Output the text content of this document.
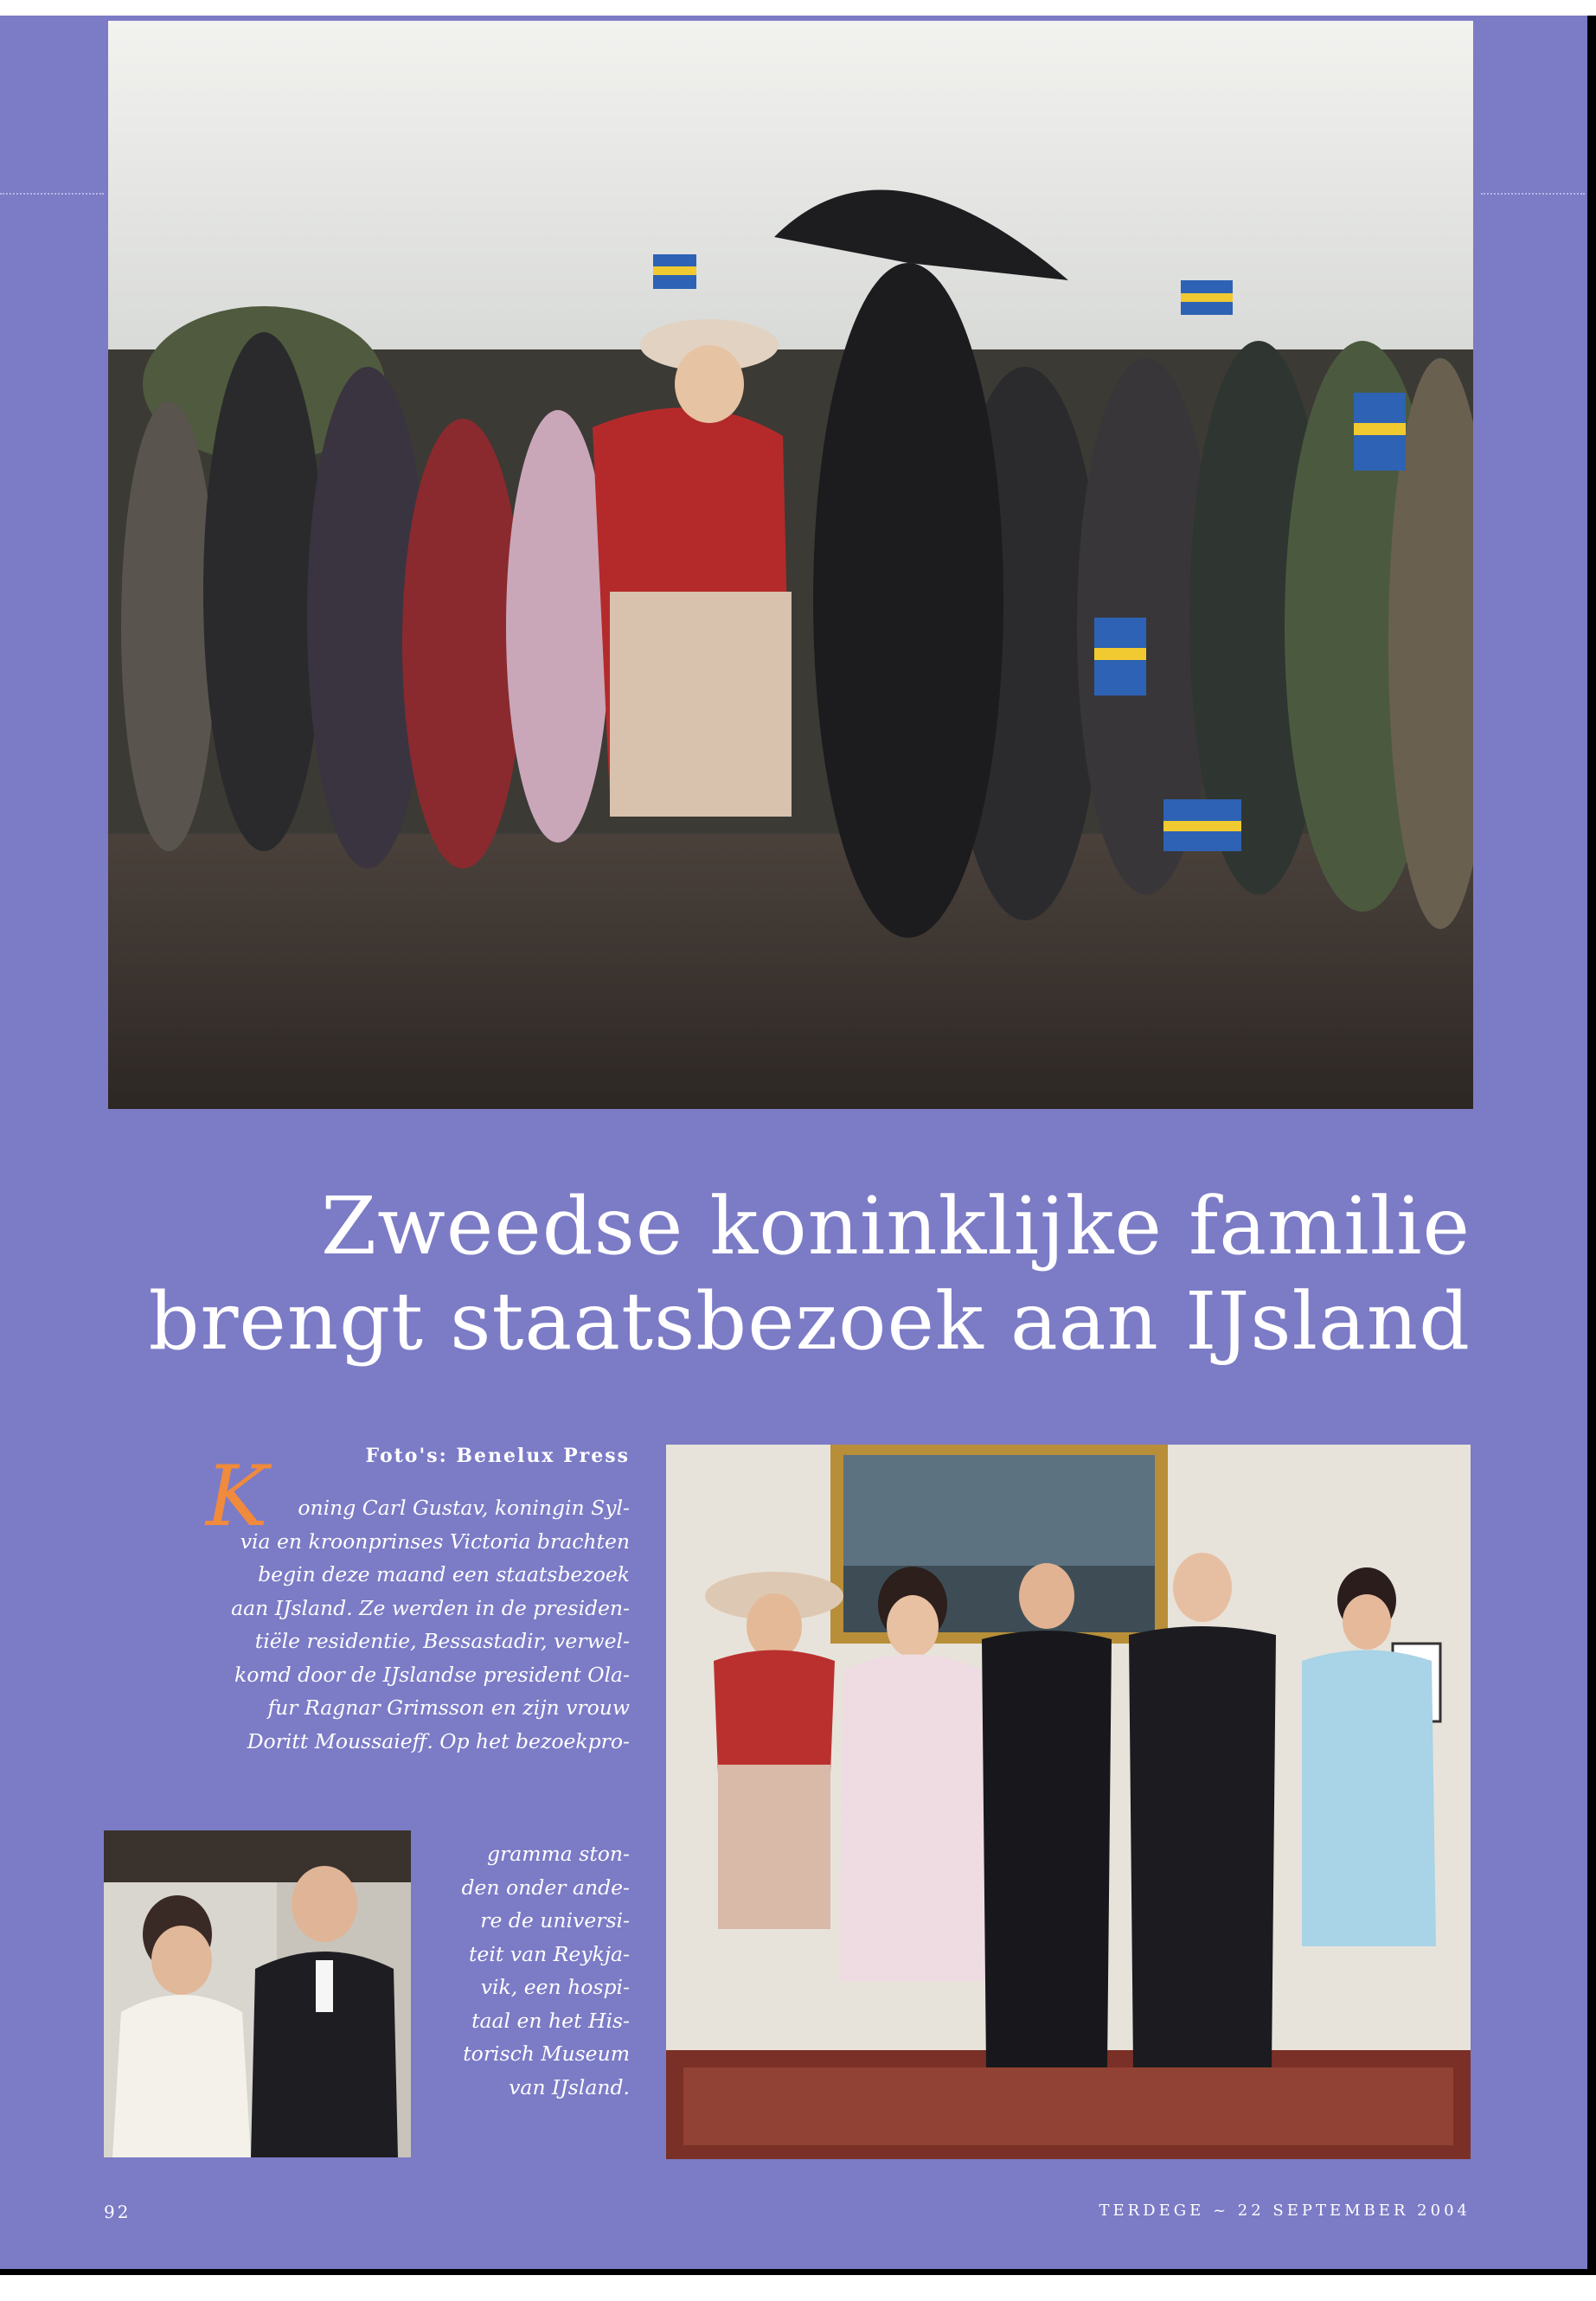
Zweedse koninklijke familie
brengt staatsbezoek aan IJsland
Foto's: Benelux Press
K	oning Carl Gustav, koningin Syl-
via en kroonprinses Victoria brachten
begin deze maand een staatsbezoek
aan IJsland. Ze werden in de presiden-
tiële residentie, Bessastadir, verwel-
komd door de IJslandse president Ola-
fur Ragnar Grimsson en zijn vrouw
Doritt Moussaieff. Op het bezoekpro-
gramma ston-
den onder ande-
re de universi-
teit van Reykja-
vik, een hospi-
taal en het His-
torisch Museum
van IJsland.
92	TERDEGE ~ 22 SEPTEMBER 2004
